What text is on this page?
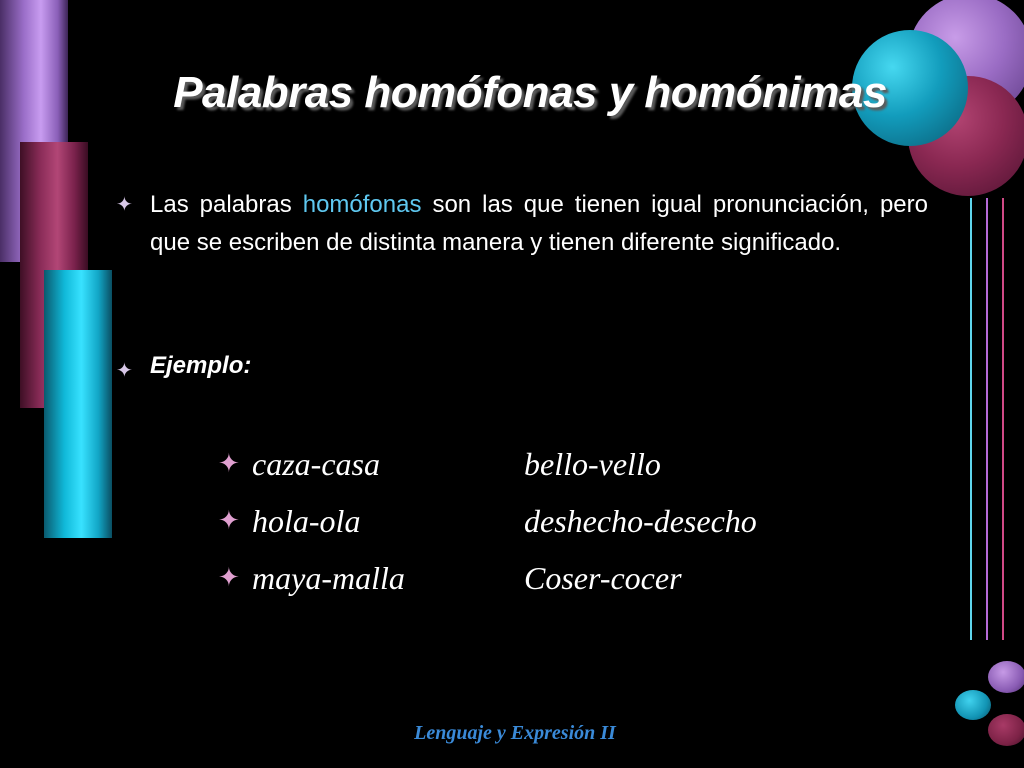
Palabras homófonas y homónimas
✦ Las palabras homófonas son las que tienen igual pronunciación, pero que se escriben de distinta manera y tienen diferente significado.

✦ Ejemplo:
✦ caza-casa	bello-vello
✦ hola-ola	deshecho-desecho
✦ maya-malla	Coser-cocer
Lenguaje y Expresión II
